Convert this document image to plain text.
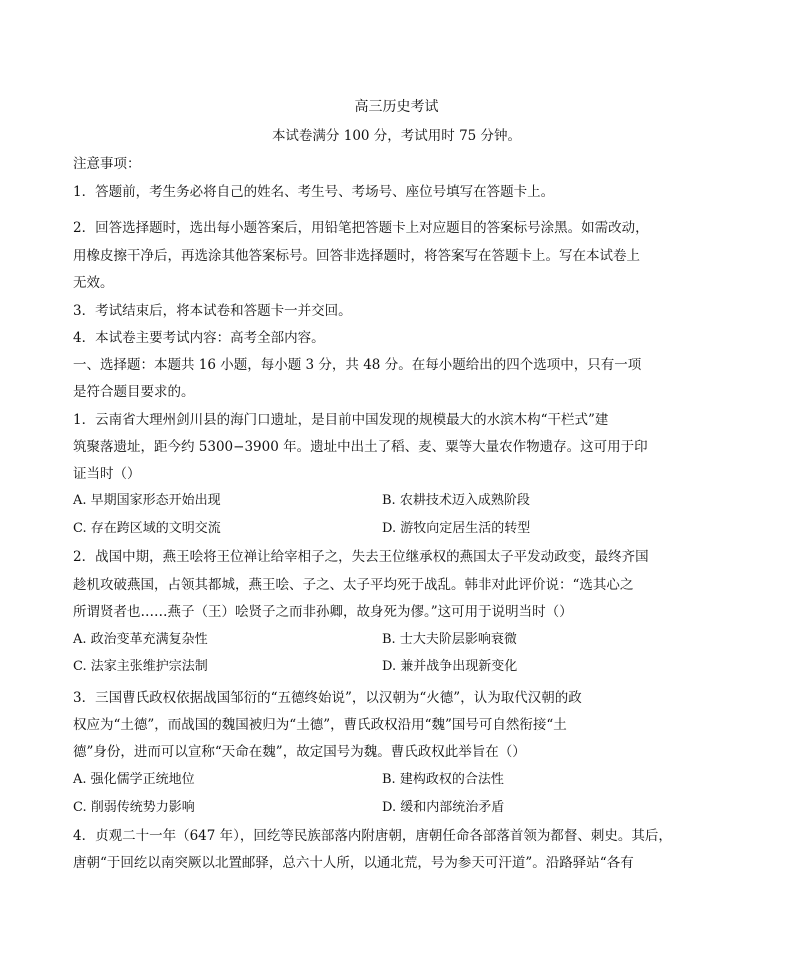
高三历史考试
本试卷满分 100 分，考试用时 75 分钟。
注意事项：
1．答题前，考生务必将自己的姓名、考生号、考场号、座位号填写在答题卡上。
2．回答选择题时，选出每小题答案后，用铅笔把答题卡上对应题目的答案标号涂黑。如需改动，
用橡皮擦干净后，再选涂其他答案标号。回答非选择题时，将答案写在答题卡上。写在本试卷上
无效。
3．考试结束后，将本试卷和答题卡一并交回。
4．本试卷主要考试内容：高考全部内容。
一、选择题：本题共 16 小题，每小题 3 分，共 48 分。在每小题给出的四个选项中，只有一项
是符合题目要求的。
1．云南省大理州剑川县的海门口遗址，是目前中国发现的规模最大的水滨木构“干栏式”建
筑聚落遗址，距今约 5300−3900 年。遗址中出土了稻、麦、粟等大量农作物遗存。这可用于印
证当时（）
A. 早期国家形态开始出现	B. 农耕技术迈入成熟阶段
C. 存在跨区域的文明交流	D. 游牧向定居生活的转型
2．战国中期，燕王哙将王位禅让给宰相子之，失去王位继承权的燕国太子平发动政变，最终齐国
趁机攻破燕国，占领其都城，燕王哙、子之、太子平均死于战乱。韩非对此评价说：“选其心之
所谓贤者也……燕子（王）哙贤子之而非孙卿，故身死为僇。”这可用于说明当时（）
A. 政治变革充满复杂性	B. 士大夫阶层影响衰微
C. 法家主张维护宗法制	D. 兼并战争出现新变化
3．三国曹氏政权依据战国邹衍的“五德终始说”，以汉朝为“火德”，认为取代汉朝的政
权应为“土德”，而战国的魏国被归为“土德”，曹氏政权沿用“魏”国号可自然衔接“土
德”身份，进而可以宣称“天命在魏”，故定国号为魏。曹氏政权此举旨在（）
A. 强化儒学正统地位	B. 建构政权的合法性
C. 削弱传统势力影响	D. 缓和内部统治矛盾
4．贞观二十一年（647 年），回纥等民族部落内附唐朝，唐朝任命各部落首领为都督、刺史。其后，
唐朝“于回纥以南突厥以北置邮驿，总六十人所，以通北荒，号为参天可汗道”。沿路驿站“各有
